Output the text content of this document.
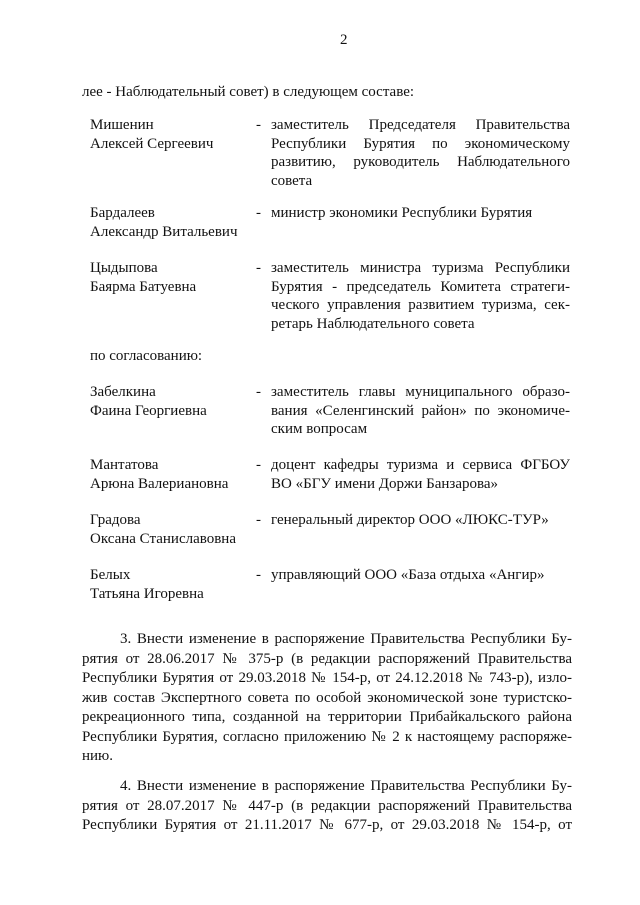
2
лее - Наблюдательный совет) в следующем составе:
Мишенин
Алексей Сергеевич
- заместитель Председателя Правительства
Республики Бурятия по экономическому
развитию, руководитель Наблюдательного
совета
Бардалеев
Александр Витальевич
- министр экономики Республики Бурятия
Цыдыпова
Баярма Батуевна
- заместитель министра туризма Республики
Бурятия - председатель Комитета стратеги-
ческого управления развитием туризма, сек-
ретарь Наблюдательного совета
по согласованию:
Забелкина
Фаина Георгиевна
- заместитель главы муниципального образо-
вания «Селенгинский район» по экономиче-
ским вопросам
Мантатова
Арюна Валериановна
- доцент кафедры туризма и сервиса ФГБОУ
ВО «БГУ имени Доржи Банзарова»
Градова
Оксана Станиславовна
- генеральный директор ООО «ЛЮКС-ТУР»
Белых
Татьяна Игоревна
- управляющий ООО «База отдыха «Ангир»
3. Внести изменение в распоряжение Правительства Республики Бу-
рятия от 28.06.2017 № 375-р (в редакции распоряжений Правительства
Республики Бурятия от 29.03.2018 № 154-р, от 24.12.2018 № 743-р), изло-
жив состав Экспертного совета по особой экономической зоне туристско-
рекреационного типа, созданной на территории Прибайкальского района
Республики Бурятия, согласно приложению № 2 к настоящему распоряже-
нию.
4. Внести изменение в распоряжение Правительства Республики Бу-
рятия от 28.07.2017 № 447-р (в редакции распоряжений Правительства
Республики Бурятия от 21.11.2017 № 677-р, от 29.03.2018 № 154-р, от
